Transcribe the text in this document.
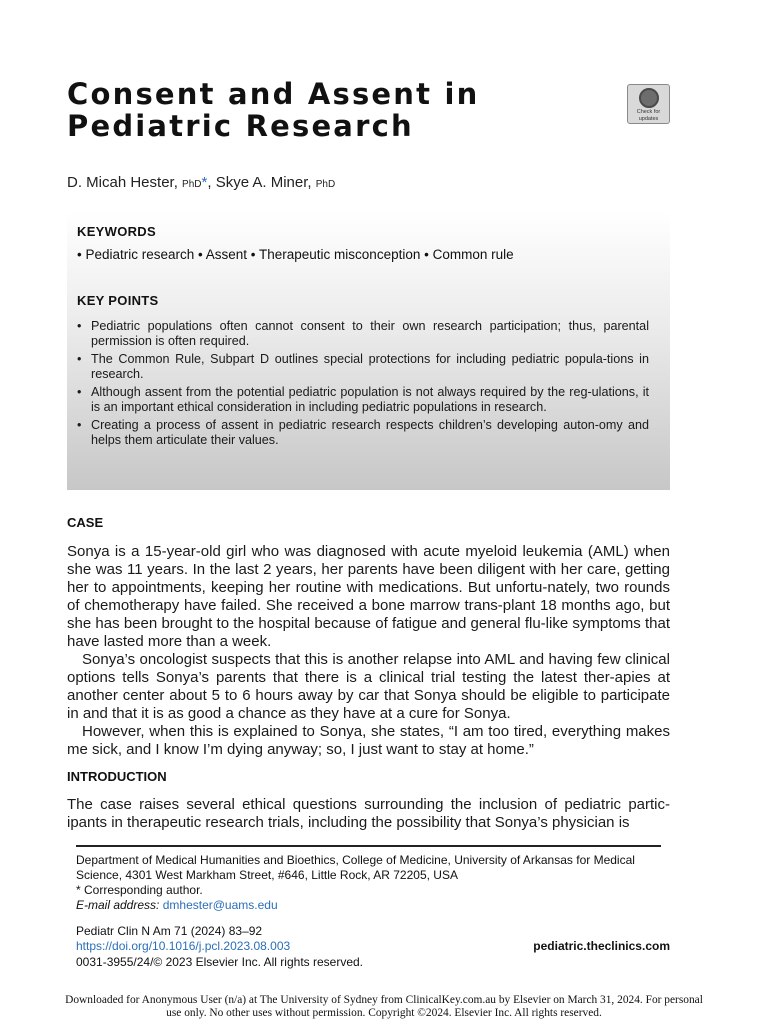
Consent and Assent in
Pediatric Research	Check for
updates
D. Micah Hester, PhD*, Skye A. Miner, PhD
KEYWORDS
• Pediatric research • Assent • Therapeutic misconception • Common rule
KEY POINTS
• Pediatric populations often cannot consent to their own research participation; thus, parental permission is often required.
• The Common Rule, Subpart D outlines special protections for including pediatric popula-tions in research.
• Although assent from the potential pediatric population is not always required by the reg-ulations, it is an important ethical consideration in including pediatric populations in research.
• Creating a process of assent in pediatric research respects children’s developing auton-omy and helps them articulate their values.
CASE

Sonya is a 15-year-old girl who was diagnosed with acute myeloid leukemia (AML) when she was 11 years. In the last 2 years, her parents have been diligent with her care, getting her to appointments, keeping her routine with medications. But unfortu-nately, two rounds of chemotherapy have failed. She received a bone marrow trans-plant 18 months ago, but she has been brought to the hospital because of fatigue and general flu-like symptoms that have lasted more than a week.

Sonya’s oncologist suspects that this is another relapse into AML and having few clinical options tells Sonya’s parents that there is a clinical trial testing the latest ther-apies at another center about 5 to 6 hours away by car that Sonya should be eligible to participate in and that it is as good a chance as they have at a cure for Sonya.

However, when this is explained to Sonya, she states, “I am too tired, everything makes me sick, and I know I’m dying anyway; so, I just want to stay at home.”

INTRODUCTION

The case raises several ethical questions surrounding the inclusion of pediatric partic-ipants in therapeutic research trials, including the possibility that Sonya’s physician is

Department of Medical Humanities and Bioethics, College of Medicine, University of Arkansas for Medical Science, 4301 West Markham Street, #646, Little Rock, AR 72205, USA

* Corresponding author.

E-mail address: dmhester@uams.edu

Pediatr Clin N Am 71 (2024) 83–92

https://doi.org/10.1016/j.pcl.2023.08.003	pediatric.theclinics.com

0031-3955/24/© 2023 Elsevier Inc. All rights reserved.

Downloaded for Anonymous User (n/a) at The University of Sydney from ClinicalKey.com.au by Elsevier on March 31, 2024. For personal use only. No other uses without permission. Copyright ©2024. Elsevier Inc. All rights reserved.
